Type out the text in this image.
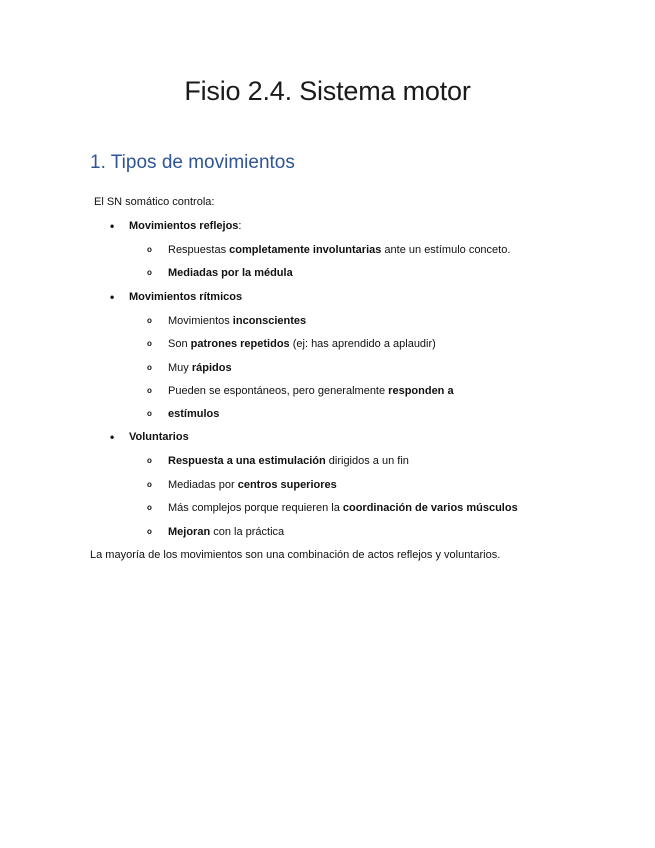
Fisio 2.4. Sistema motor
1. Tipos de movimientos

El SN somático controla:

• Movimientos reflejos:

o Respuestas completamente involuntarias ante un estímulo conceto.

o Mediadas por la médula

• Movimientos rítmicos

o Movimientos inconscientes

o Son patrones repetidos (ej: has aprendido a aplaudir)

o Muy rápidos

o Pueden se espontáneos, pero generalmente responden a

o estímulos

• Voluntarios

o Respuesta a una estimulación dirigidos a un fin

o Mediadas por centros superiores

o Más complejos porque requieren la coordinación de varios músculos

o Mejoran con la práctica

La mayoría de los movimientos son una combinación de actos reflejos y voluntarios.
